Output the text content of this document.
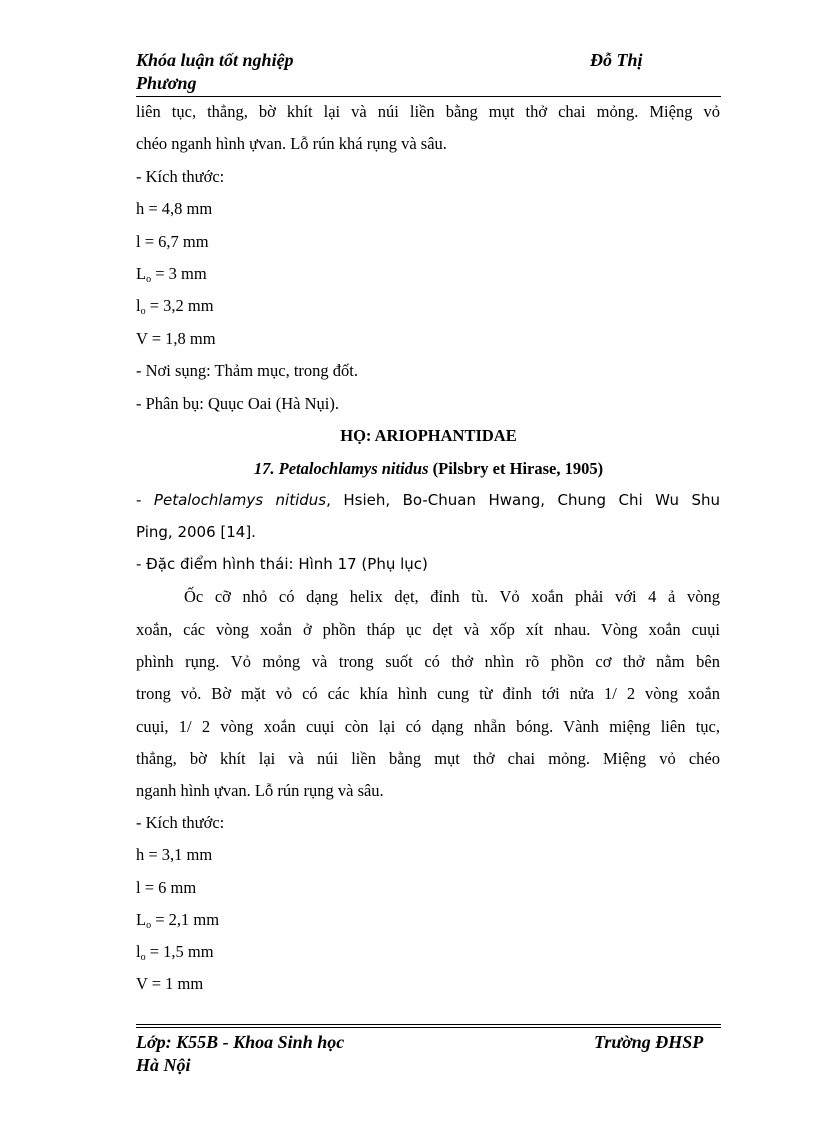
Khóa luận tốt nghiệp	Đỗ Thị
Phương
liên tục, thẳng, bờ khít lại và núi liền bằng mụt thở chai mỏng. Miệng vỏ
chéo nganh hình ựvan. Lỗ rún khá rụng và sâu.
- Kích thước:
h = 4,8 mm
l = 6,7 mm
$L_o = 3$ mm
$l_o = 3,2$ mm
V = 1,8 mm
- Nơi sụng: Thảm mục, trong đốt.
- Phân bụ: Quục Oai (Hà Nụi).
HỌ: ARIOPHANTIDAE
17. Petalochlamys nitidus (Pilsbry et Hirase, 1905)
- Petalochlamys nitidus, Hsieh, Bo-Chuan Hwang, Chung Chi Wu Shu
Ping, 2006 [14].
- Đặc điểm hình thái: Hình 17 (Phụ lục)
Ốc cỡ nhỏ có dạng helix dẹt, đỉnh tù. Vỏ xoắn phải với 4 ả vòng
xoắn, các vòng xoắn ở phồn tháp ục dẹt và xốp xít nhau. Vòng xoắn cuụi
phình rụng. Vỏ mỏng và trong suốt có thở nhìn rõ phồn cơ thở nằm bên
trong vỏ. Bờ mặt vỏ có các khía hình cung từ đỉnh tới nửa 1/ 2 vòng xoắn
cuụi, 1/ 2 vòng xoắn cuụi còn lại có dạng nhẵn bóng. Vành miệng liên tục,
thẳng, bờ khít lại và núi liền bằng mụt thở chai mỏng. Miệng vỏ chéo
nganh hình ựvan. Lỗ rún rụng và sâu.
- Kích thước:
h = 3,1 mm
l = 6 mm
$L_o = 2,1$ mm
$l_o = 1,5$ mm
V = 1 mm
Lớp: K55B - Khoa Sinh học	Trường ĐHSP
Hà Nội
